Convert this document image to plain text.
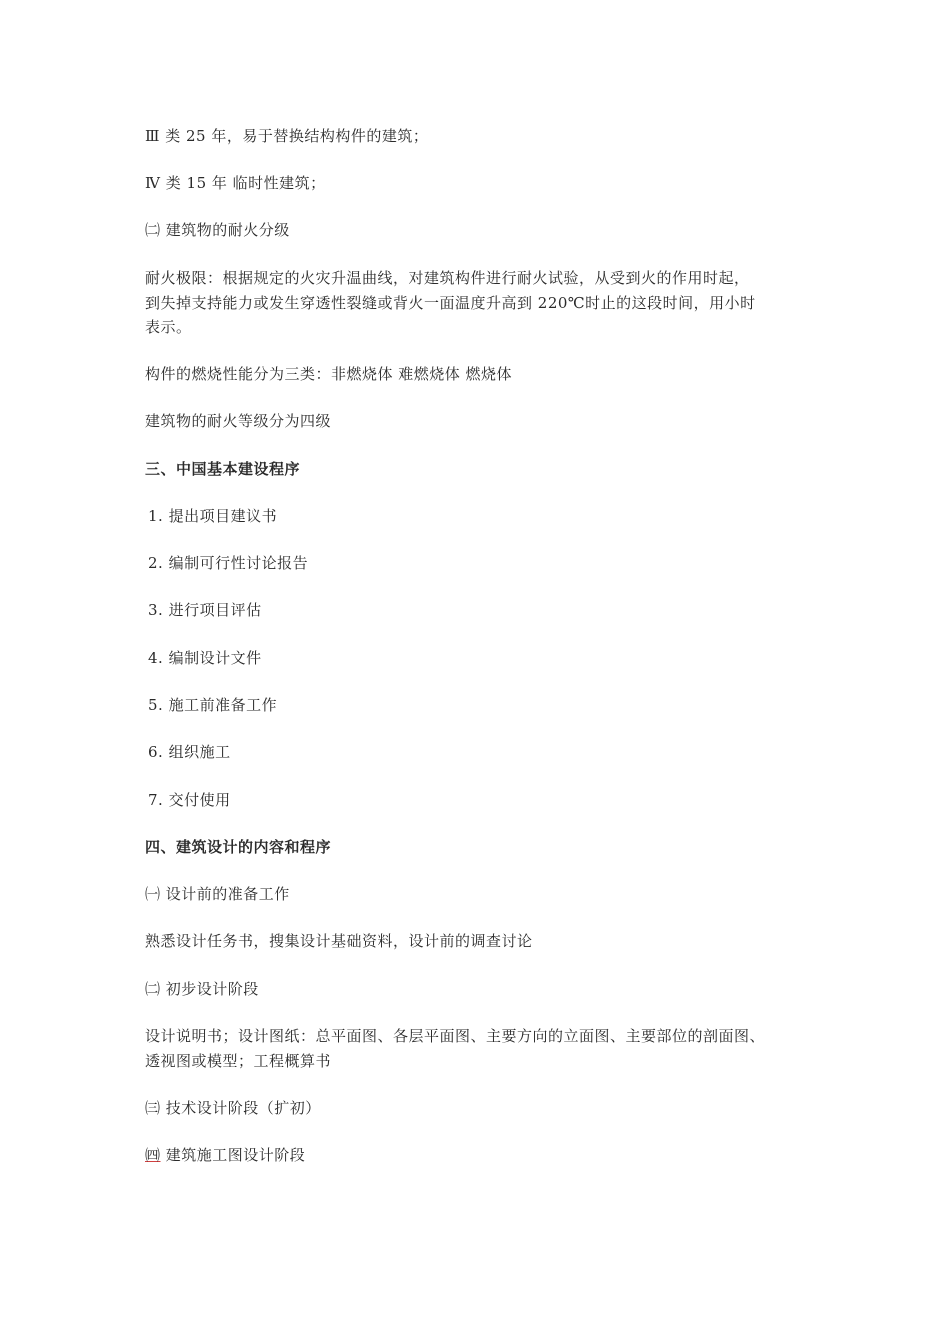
Ⅲ 类 25 年，易于替换结构构件的建筑；
Ⅳ 类 15 年 临时性建筑；
㈡ 建筑物的耐火分级
耐火极限：根据规定的火灾升温曲线，对建筑构件进行耐火试验，从受到火的作用时起，
到失掉支持能力或发生穿透性裂缝或背火一面温度升高到 220℃时止的这段时间，用小时
表示。
构件的燃烧性能分为三类：非燃烧体 难燃烧体 燃烧体
建筑物的耐火等级分为四级
三、中国基本建设程序
1. 提出项目建议书
2. 编制可行性讨论报告
3. 进行项目评估
4. 编制设计文件
5. 施工前准备工作
6. 组织施工
7. 交付使用
四、建筑设计的内容和程序
㈠ 设计前的准备工作
熟悉设计任务书，搜集设计基础资料，设计前的调查讨论
㈡ 初步设计阶段
设计说明书；设计图纸：总平面图、各层平面图、主要方向的立面图、主要部位的剖面图、
透视图或模型；工程概算书
㈢ 技术设计阶段（扩初）
㈣ 建筑施工图设计阶段
